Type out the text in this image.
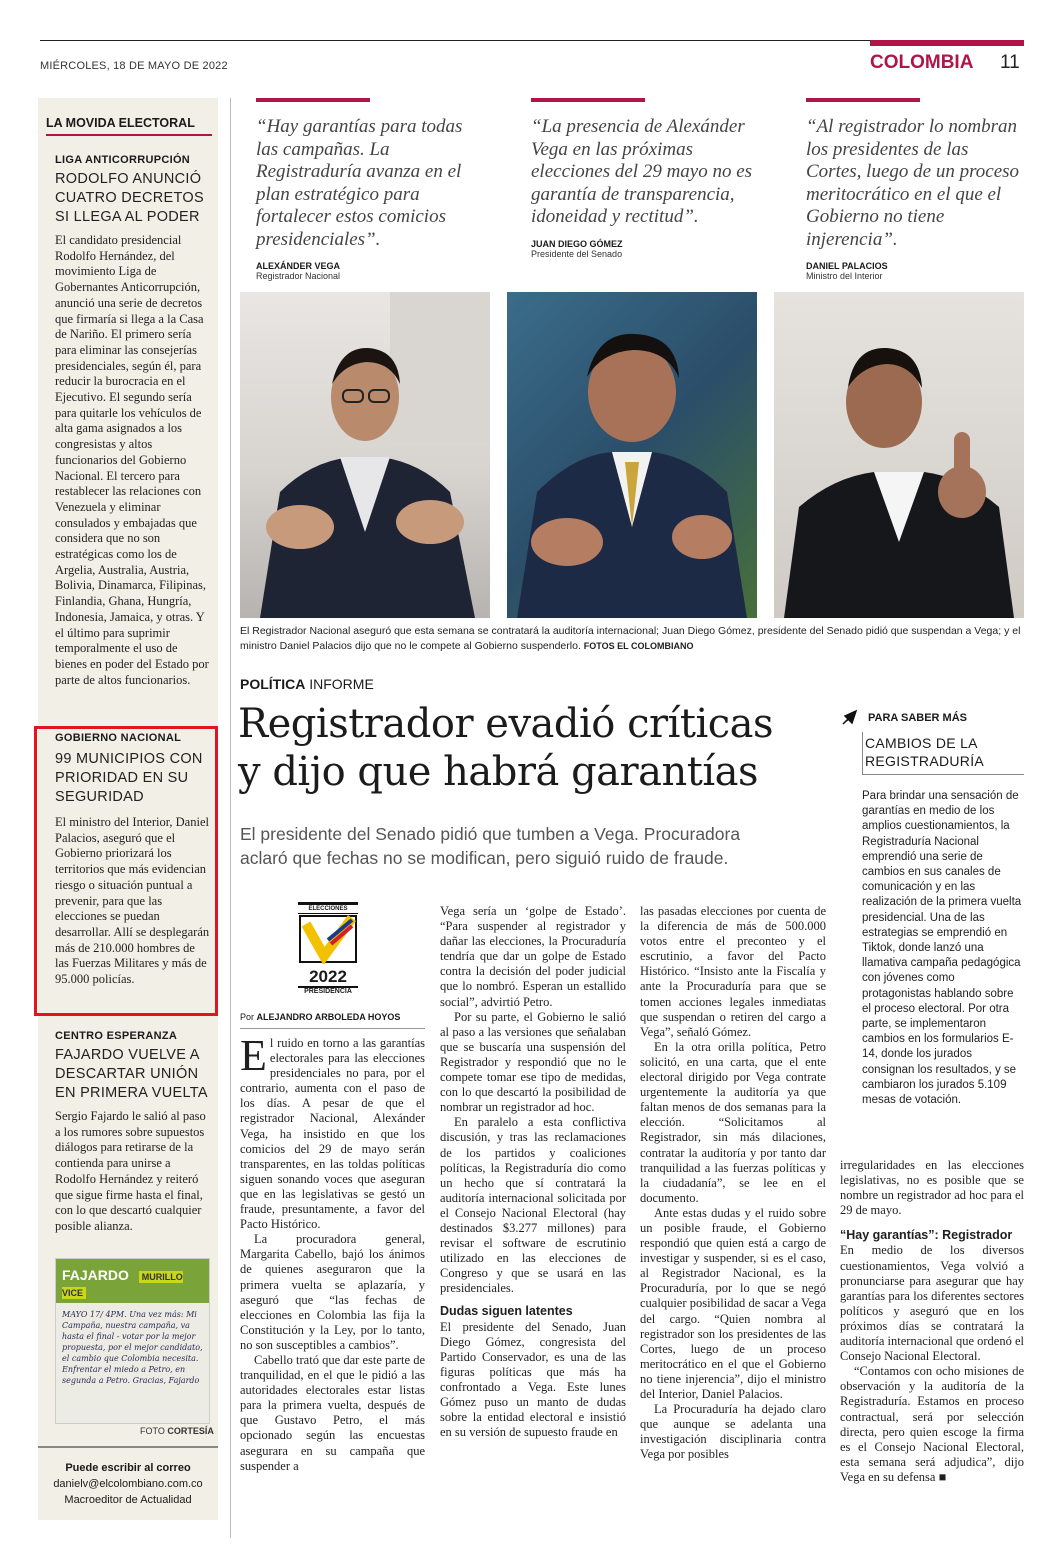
MIÉRCOLES, 18 DE MAYO DE 2022	COLOMBIA 11
LA MOVIDA ELECTORAL
LIGA ANTICORRUPCIÓN
RODOLFO ANUNCIÓ CUATRO DECRETOS SI LLEGA AL PODER
El candidato presidencial Rodolfo Hernández, del movimiento Liga de Gobernantes Anticorrupción, anunció una serie de decretos que firmaría si llega a la Casa de Nariño. El primero sería para eliminar las consejerías presidenciales, según él, para reducir la burocracia en el Ejecutivo. El segundo sería para quitarle los vehículos de alta gama asignados a los congresistas y altos funcionarios del Gobierno Nacional. El tercero para restablecer las relaciones con Venezuela y eliminar consulados y embajadas que considera que no son estratégicas como los de Argelia, Australia, Austria, Bolivia, Dinamarca, Filipinas, Finlandia, Ghana, Hungría, Indonesia, Jamaica, y otras. Y el último para suprimir temporalmente el uso de bienes en poder del Estado por parte de altos funcionarios.
GOBIERNO NACIONAL
99 MUNICIPIOS CON PRIORIDAD EN SU SEGURIDAD
El ministro del Interior, Daniel Palacios, aseguró que el Gobierno priorizará los territorios que más evidencian riesgo o situación puntual a prevenir, para que las elecciones se puedan desarrollar. Allí se desplegarán más de 210.000 hombres de las Fuerzas Militares y más de 95.000 policías.
CENTRO ESPERANZA
FAJARDO VUELVE A DESCARTAR UNIÓN EN PRIMERA VUELTA
Sergio Fajardo le salió al paso a los rumores sobre supuestos diálogos para retirarse de la contienda para unirse a Rodolfo Hernández y reiteró que sigue firme hasta el final, con lo que descartó cualquier posible alianza.
FAJARDO MURILLO VICE
MAYO 17/ 4PM. Una vez más: Mi Campaña, nuestra campaña, va hasta el final - votar por la mejor propuesta, por el mejor candidato, el cambio que Colombia necesita. Enfrentar el miedo a Petro, en segunda a Petro. Gracias, Fajardo
FOTO CORTESÍA
Puede escribir al correo
danielv@elcolombiano.com.co
Macroeditor de Actualidad
“Hay garantías para todas las campañas. La Registraduría avanza en el plan estratégico para fortalecer estos comicios presidenciales”.
ALEXÁNDER VEGA
Registrador Nacional
“La presencia de Alexánder Vega en las próximas elecciones del 29 mayo no es garantía de transparencia, idoneidad y rectitud”.
JUAN DIEGO GÓMEZ
Presidente del Senado
“Al registrador lo nombran los presidentes de las Cortes, luego de un proceso meritocrático en el que el Gobierno no tiene injerencia”.
DANIEL PALACIOS
Ministro del Interior
El Registrador Nacional aseguró que esta semana se contratará la auditoría internacional; Juan Diego Gómez, presidente del Senado pidió que suspendan a Vega; y el ministro Daniel Palacios dijo que no le compete al Gobierno suspenderlo. FOTOS EL COLOMBIANO
POLÍTICA INFORME
Registrador evadió críticas
y dijo que habrá garantías
El presidente del Senado pidió que tumben a Vega. Procuradora
aclaró que fechas no se modifican, pero siguió ruido de fraude.
ELECCIONES
2022
PRESIDENCIA
Por ALEJANDRO ARBOLEDA HOYOS

El ruido en torno a las garantías electorales para las elecciones presidenciales no para, por el contrario, aumenta con el paso de los días. A pesar de que el registrador Nacional, Alexánder Vega, ha insistido en que los comicios del 29 de mayo serán transparentes, en las toldas políticas siguen sonando voces que aseguran que en las legislativas se gestó un fraude, presuntamente, a favor del Pacto Histórico.

La procuradora general, Margarita Cabello, bajó los ánimos de quienes aseguraron que la primera vuelta se aplazaría, y aseguró que “las fechas de elecciones en Colombia las fija la Constitución y la Ley, por lo tanto, no son susceptibles a cambios”.

Cabello trató que dar este parte de tranquilidad, en el que le pidió a las autoridades electorales estar listas para la primera vuelta, después de que Gustavo Petro, el más opcionado según las encuestas asegurara en su campaña que suspender a

Vega sería un ‘golpe de Estado’. “Para suspender al registrador y dañar las elecciones, la Procuraduría tendría que dar un golpe de Estado contra la decisión del poder judicial que lo nombró. Esperan un estallido social”, advirtió Petro.

Por su parte, el Gobierno le salió al paso a las versiones que señalaban que se buscaría una suspensión del Registrador y respondió que no le compete tomar ese tipo de medidas, con lo que descartó la posibilidad de nombrar un registrador ad hoc.

En paralelo a esta conflictiva discusión, y tras las reclamaciones de los partidos y coaliciones políticas, la Registraduría dio como un hecho que sí contratará la auditoría internacional solicitada por el Consejo Nacional Electoral (hay destinados $3.277 millones) para revisar el software de escrutinio utilizado en las elecciones de Congreso y que se usará en las presidenciales.

Dudas siguen latentes

El presidente del Senado, Juan Diego Gómez, congresista del Partido Conservador, es una de las figuras políticas que más ha confrontado a Vega. Este lunes Gómez puso un manto de dudas sobre la entidad electoral e insistió en su versión de supuesto fraude en

las pasadas elecciones por cuenta de la diferencia de más de 500.000 votos entre el preconteo y el escrutinio, a favor del Pacto Histórico. “Insisto ante la Fiscalía y ante la Procuraduría para que se tomen acciones legales inmediatas que suspendan o retiren del cargo a Vega”, señaló Gómez.

En la otra orilla política, Petro solicitó, en una carta, que el ente electoral dirigido por Vega contrate urgentemente la auditoría ya que faltan menos de dos semanas para la elección. “Solicitamos al Registrador, sin más dilaciones, contratar la auditoría y por tanto dar tranquilidad a las fuerzas políticas y la ciudadanía”, se lee en el documento.

Ante estas dudas y el ruido sobre un posible fraude, el Gobierno respondió que quien está a cargo de investigar y suspender, si es el caso, al Registrador Nacional, es la Procuraduría, por lo que se negó cualquier posibilidad de sacar a Vega del cargo. “Quien nombra al registrador son los presidentes de las Cortes, luego de un proceso meritocrático en el que el Gobierno no tiene injerencia”, dijo el ministro del Interior, Daniel Palacios.

La Procuraduría ha dejado claro que aunque se adelanta una investigación disciplinaria contra Vega por posibles

PARA SABER MÁS
CAMBIOS DE LA REGISTRADURÍA
Para brindar una sensación de garantías en medio de los amplios cuestionamientos, la Registraduría Nacional emprendió una serie de cambios en sus canales de comunicación y en las realización de la primera vuelta presidencial. Una de las estrategias se emprendió en Tiktok, donde lanzó una llamativa campaña pedagógica con jóvenes como protagonistas hablando sobre el proceso electoral. Por otra parte, se implementaron cambios en los formularios E-14, donde los jurados consignan los resultados, y se cambiaron los jurados 5.109 mesas de votación.

irregularidades en las elecciones legislativas, no es posible que se nombre un registrador ad hoc para el 29 de mayo.

“Hay garantías”: Registrador

En medio de los diversos cuestionamientos, Vega volvió a pronunciarse para asegurar que hay garantías para los diferentes sectores políticos y aseguró que en los próximos días se contratará la auditoría internacional que ordenó el Consejo Nacional Electoral.

“Contamos con ocho misiones de observación y la auditoría de la Registraduría. Estamos en proceso contractual, será por selección directa, pero quien escoge la firma es el Consejo Nacional Electoral, esta semana será adjudica”, dijo Vega en su defensa ■
